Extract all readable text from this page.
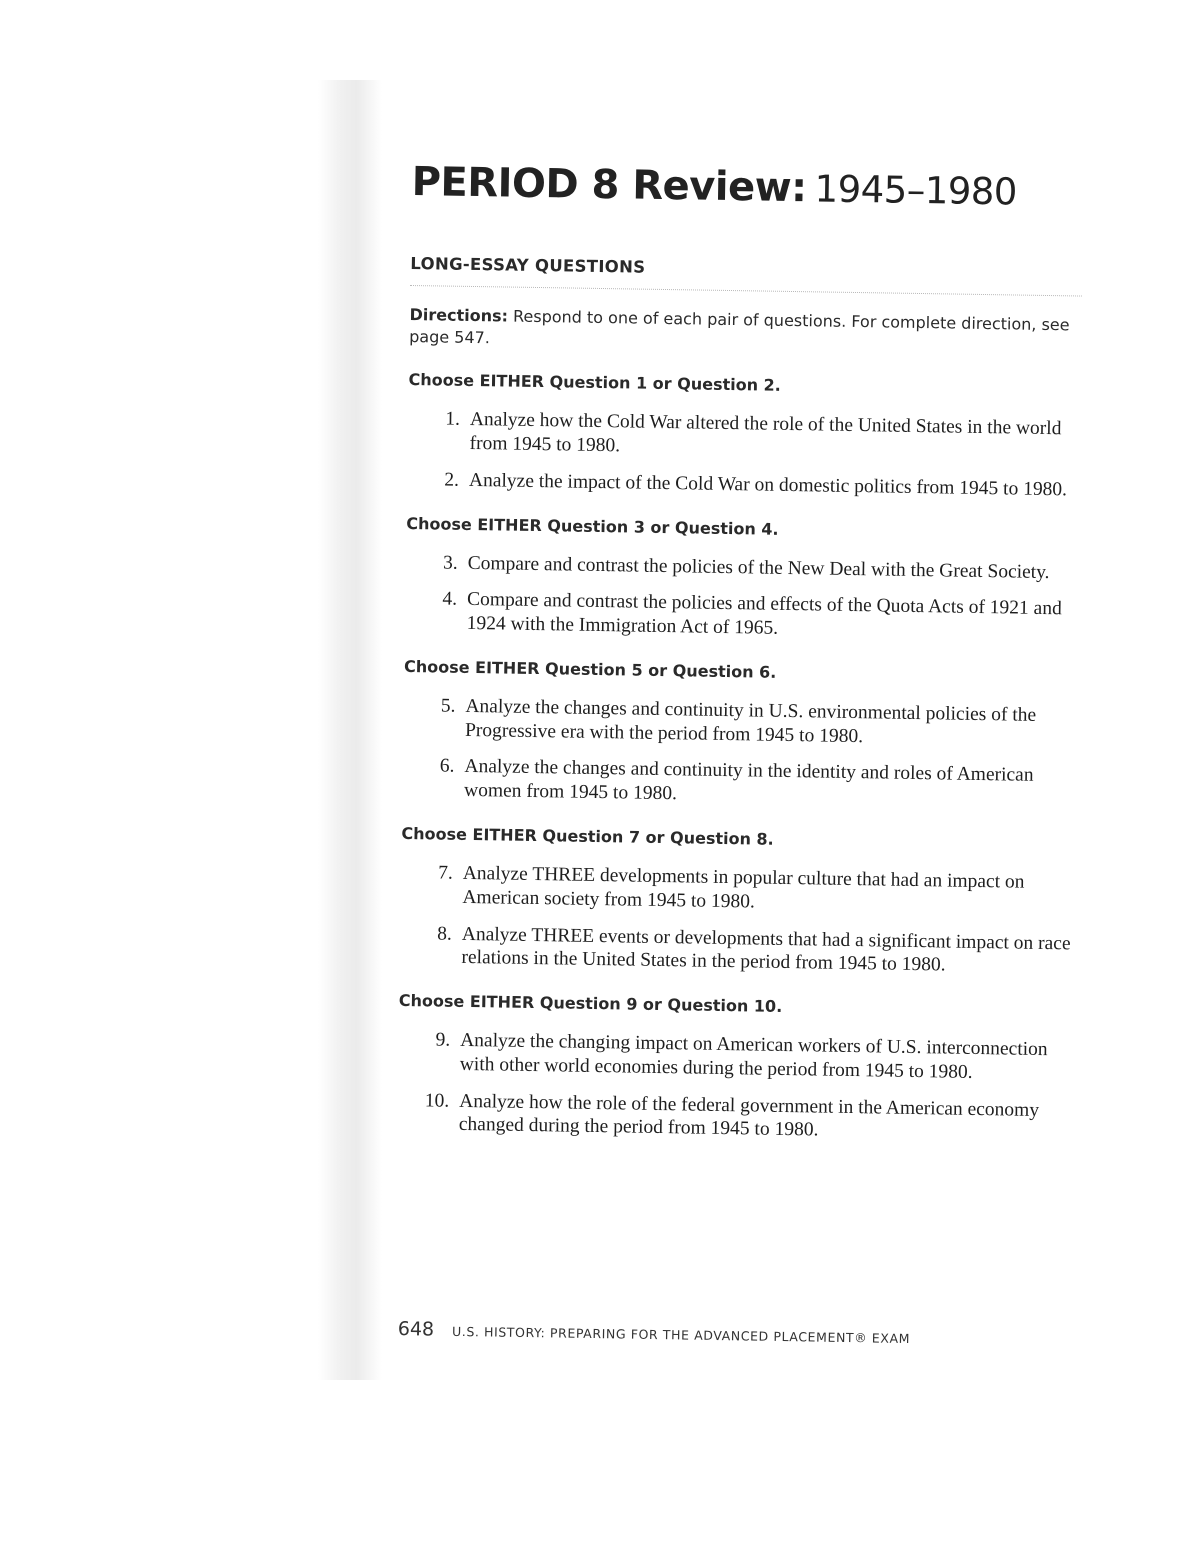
PERIOD 8 Review: 1945–1980
LONG-ESSAY QUESTIONS
Directions: Respond to one of each pair of questions. For complete direction, see page 547.
Choose EITHER Question 1 or Question 2.
1. Analyze how the Cold War altered the role of the United States in the world from 1945 to 1980.
2. Analyze the impact of the Cold War on domestic politics from 1945 to 1980.
Choose EITHER Question 3 or Question 4.
3. Compare and contrast the policies of the New Deal with the Great Society.
4. Compare and contrast the policies and effects of the Quota Acts of 1921 and 1924 with the Immigration Act of 1965.
Choose EITHER Question 5 or Question 6.
5. Analyze the changes and continuity in U.S. environmental policies of the Progressive era with the period from 1945 to 1980.
6. Analyze the changes and continuity in the identity and roles of American women from 1945 to 1980.
Choose EITHER Question 7 or Question 8.
7. Analyze THREE developments in popular culture that had an impact on American society from 1945 to 1980.
8. Analyze THREE events or developments that had a significant impact on race relations in the United States in the period from 1945 to 1980.
Choose EITHER Question 9 or Question 10.
9. Analyze the changing impact on American workers of U.S. interconnection with other world economies during the period from 1945 to 1980.
10. Analyze how the role of the federal government in the American economy changed during the period from 1945 to 1980.
648 U.S. HISTORY: PREPARING FOR THE ADVANCED PLACEMENT® EXAM
